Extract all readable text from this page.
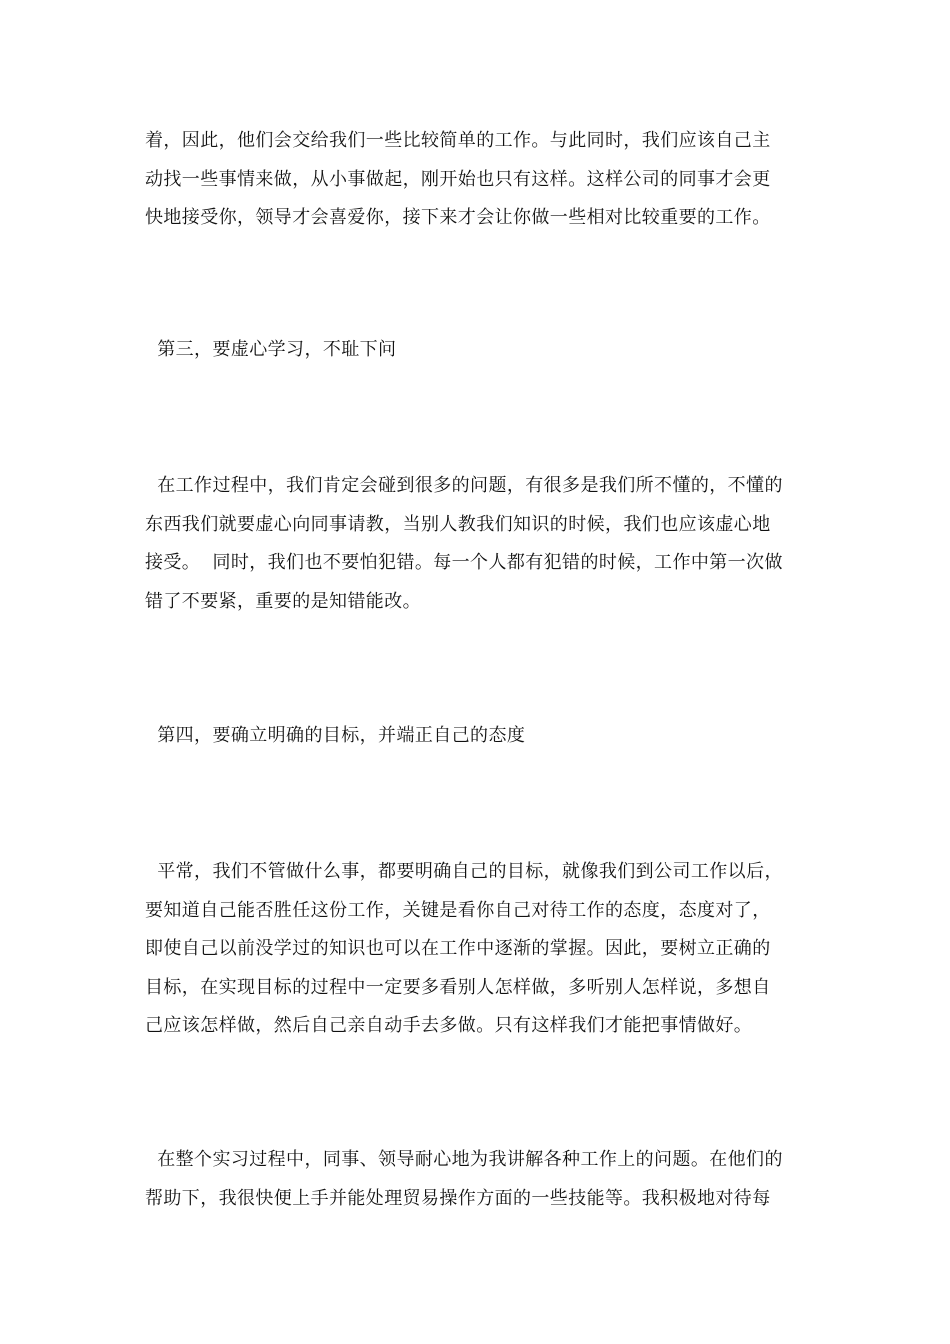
着，因此，他们会交给我们一些比较简单的工作。与此同时，我们应该自己主
动找一些事情来做，从小事做起，刚开始也只有这样。这样公司的同事才会更
快地接受你，领导才会喜爱你，接下来才会让你做一些相对比较重要的工作。

第三，要虚心学习，不耻下问

在工作过程中，我们肯定会碰到很多的问题，有很多是我们所不懂的，不懂的
东西我们就要虚心向同事请教，当别人教我们知识的时候，我们也应该虚心地
接受。  同时，我们也不要怕犯错。每一个人都有犯错的时候，工作中第一次做
错了不要紧，重要的是知错能改。

第四，要确立明确的目标，并端正自己的态度

平常，我们不管做什么事，都要明确自己的目标，就像我们到公司工作以后，
要知道自己能否胜任这份工作，关键是看你自己对待工作的态度，态度对了，
即使自己以前没学过的知识也可以在工作中逐渐的掌握。因此，要树立正确的
目标，在实现目标的过程中一定要多看别人怎样做，多听别人怎样说，多想自
己应该怎样做，然后自己亲自动手去多做。只有这样我们才能把事情做好。

在整个实习过程中，同事、领导耐心地为我讲解各种工作上的问题。在他们的
帮助下，我很快便上手并能处理贸易操作方面的一些技能等。我积极地对待每
